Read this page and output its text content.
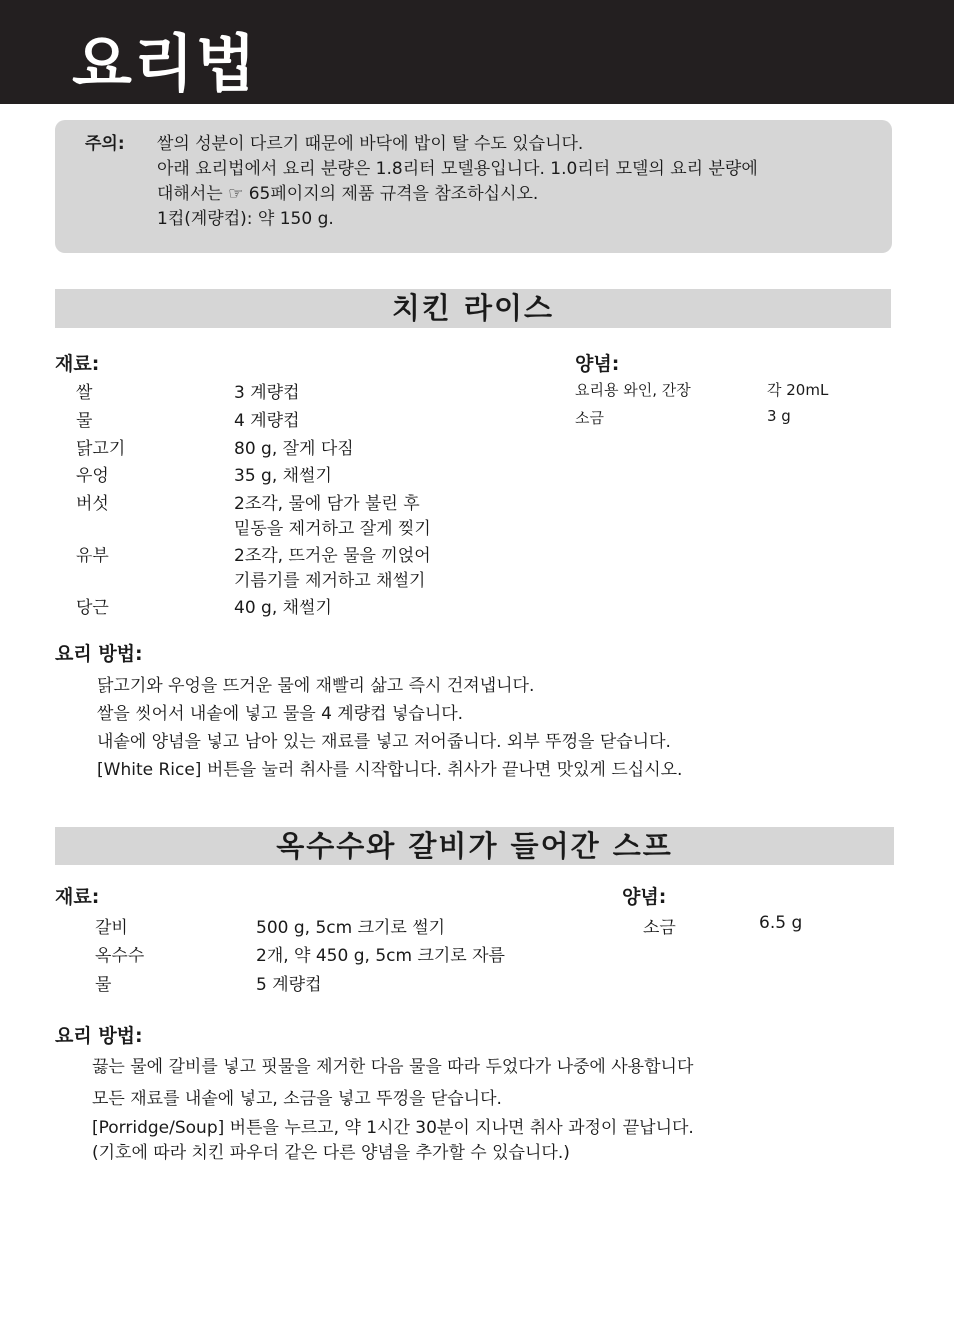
요리법
주의: 쌀의 성분이 다르기 때문에 바닥에 밥이 탈 수도 있습니다.
아래 요리법에서 요리 분량은 1.8리터 모델용입니다. 1.0리터 모델의 요리 분량에
대해서는 ☞ 65페이지의 제품 규격을 참조하십시오.
1컵(계량컵): 약 150 g.
치킨 라이스
재료:	양념:
쌀	3 계량컵
물	4 계량컵
닭고기	80 g, 잘게 다짐
우엉	35 g, 채썰기
버섯	2조각, 물에 담가 불린 후
밑동을 제거하고 잘게 찢기
유부	2조각, 뜨거운 물을 끼얹어
기름기를 제거하고 채썰기
당근	40 g, 채썰기
요리용 와인, 간장	각 20mL
소금	3 g
요리 방법:
닭고기와 우엉을 뜨거운 물에 재빨리 삶고 즉시 건져냅니다.
쌀을 씻어서 내솥에 넣고 물을 4 계량컵 넣습니다.
내솥에 양념을 넣고 남아 있는 재료를 넣고 저어줍니다. 외부 뚜껑을 닫습니다.
[White Rice] 버튼을 눌러 취사를 시작합니다. 취사가 끝나면 맛있게 드십시오.
옥수수와 갈비가 들어간 스프
재료:	양념:
갈비	500 g, 5cm 크기로 썰기
옥수수	2개, 약 450 g, 5cm 크기로 자름
물	5 계량컵
소금	6.5 g
요리 방법:
끓는 물에 갈비를 넣고 핏물을 제거한 다음 물을 따라 두었다가 나중에 사용합니다
모든 재료를 내솥에 넣고, 소금을 넣고 뚜껑을 닫습니다.
[Porridge/Soup] 버튼을 누르고, 약 1시간 30분이 지나면 취사 과정이 끝납니다.
(기호에 따라 치킨 파우더 같은 다른 양념을 추가할 수 있습니다.)
